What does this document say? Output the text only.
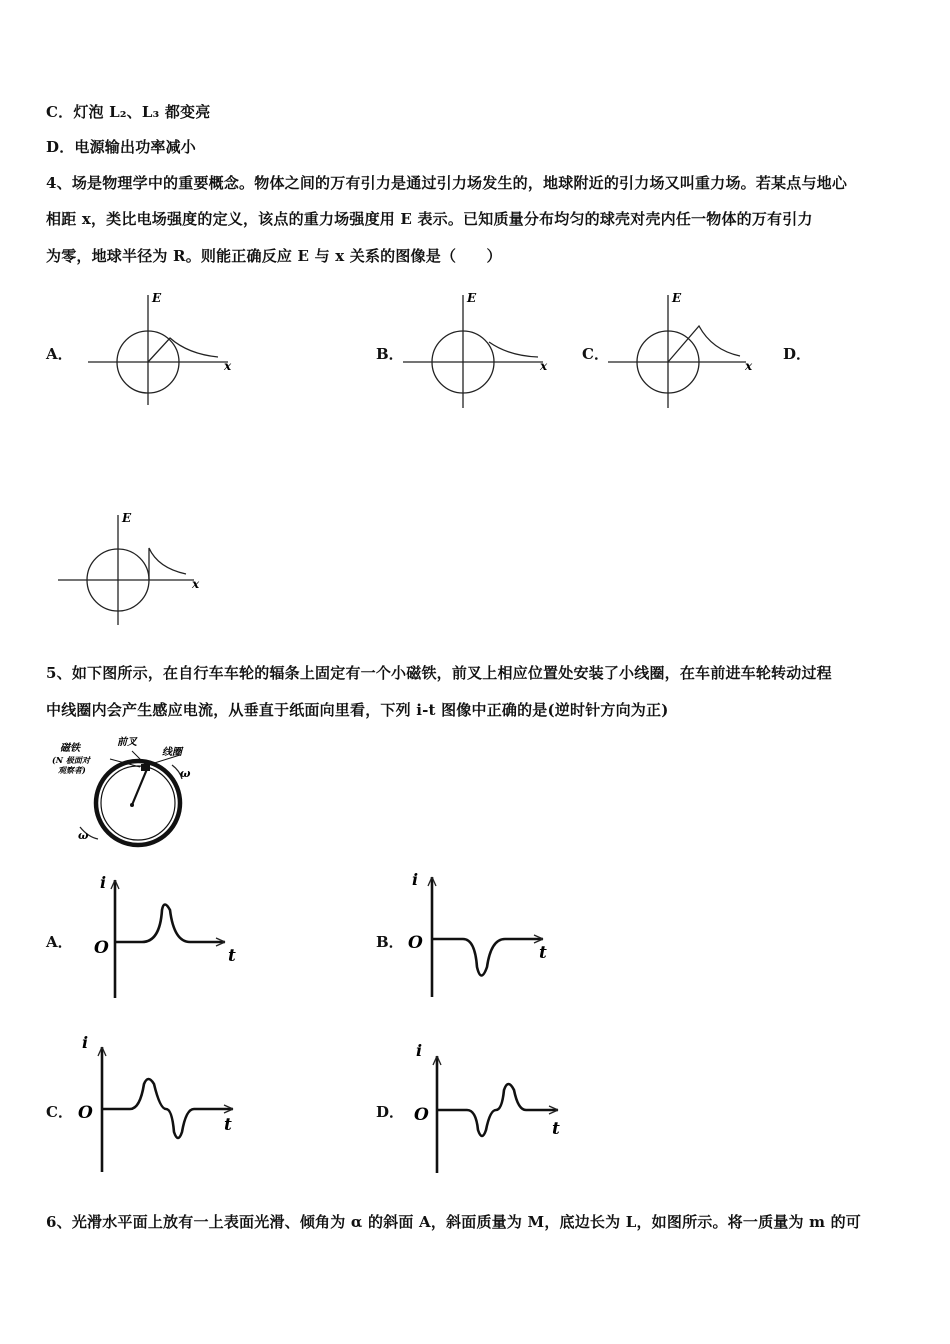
C．灯泡 L₂、L₃ 都变亮
D．电源输出功率减小
4、场是物理学中的重要概念。物体之间的万有引力是通过引力场发生的，地球附近的引力场又叫重力场。若某点与地心
相距 x，类比电场强度的定义，该点的重力场强度用 E 表示。已知质量分布均匀的球壳对壳内任一物体的万有引力
为零，地球半径为 R。则能正确反应 E 与 x 关系的图像是（　　）
A．	B．	C．	D．
E
x
E
x
E
x
E
x
5、如下图所示，在自行车车轮的辐条上固定有一个小磁铁，前叉上相应位置处安装了小线圈，在车前进车轮转动过程
中线圈内会产生感应电流，从垂直于纸面向里看，下列 i-t 图像中正确的是(逆时针方向为正)
磁铁
(N 极面对
观察者)
前叉
线圈
ω
ω
A．	B．
C．	D．
i
O	t
i
O	t
i
O
t
i
O
t
6、光滑水平面上放有一上表面光滑、倾角为 α 的斜面 A，斜面质量为 M，底边长为 L，如图所示。将一质量为 m 的可
